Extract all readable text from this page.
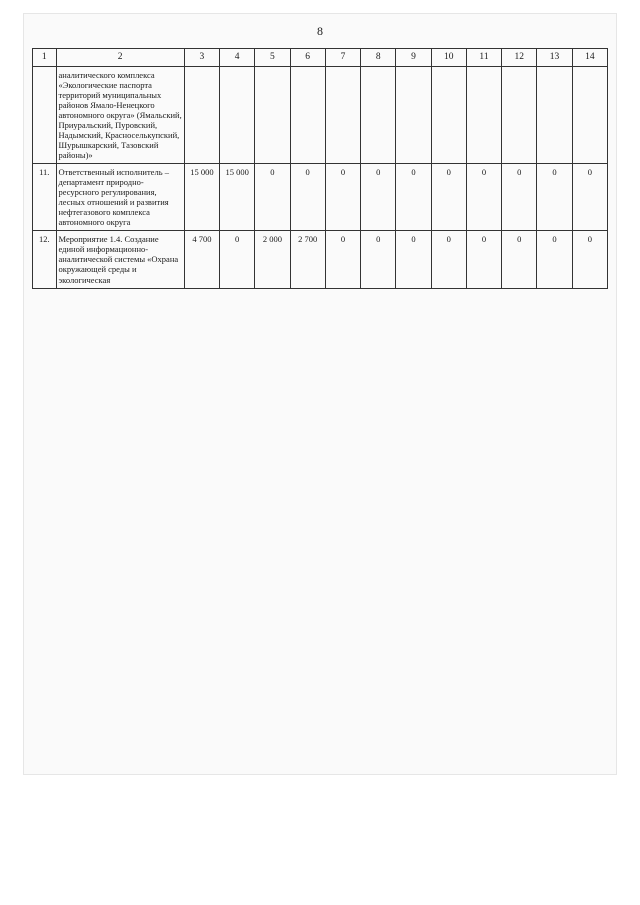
8
1	2	3	4	5	6	7	8	9	10	11	12	13	14
	аналитического комплекса «Экологические паспорта территорий муниципальных районов Ямало-Ненецкого автономного округа» (Ямальский, Приуральский, Пуровский, Надымский, Красноселькупский, Шурышкарский, Тазовский районы)»												
11.	Ответственный исполнитель – департамент природно-ресурсного регулирования, лесных отношений и развития нефтегазового комплекса автономного округа	15 000	15 000	0	0	0	0	0	0	0	0	0	0
12.	Мероприятие 1.4. Создание единой информационно-аналитической системы «Охрана окружающей среды и экологическая	4 700	0	2 000	2 700	0	0	0	0	0	0	0	0
